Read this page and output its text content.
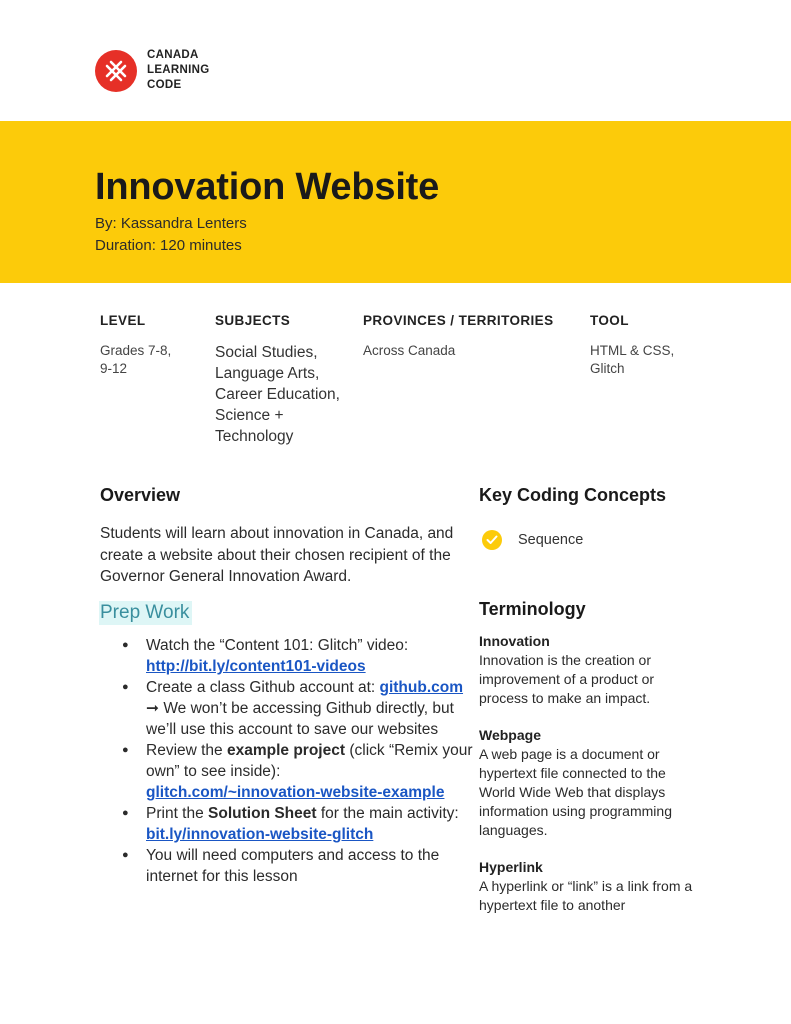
CANADA
LEARNING
CODE
Innovation Website
By: Kassandra Lenters
Duration: 120 minutes
LEVEL
Grades 7-8,
9-12
SUBJECTS
Social Studies,
Language Arts,
Career Education,
Science +
Technology
PROVINCES / TERRITORIES
Across Canada
TOOL
HTML & CSS,
Glitch
Overview
Students will learn about innovation in Canada, and create a website about their chosen recipient of the Governor General Innovation Award.
Prep Work
● Watch the “Content 101: Glitch” video: http://bit.ly/content101-videos
● Create a class Github account at: github.com ➞ We won’t be accessing Github directly, but we’ll use this account to save our websites
● Review the example project (click “Remix your own” to see inside): glitch.com/~innovation-website-example
● Print the Solution Sheet for the main activity: bit.ly/innovation-website-glitch
● You will need computers and access to the internet for this lesson
Key Coding Concepts
Sequence
Terminology
Innovation
Innovation is the creation or improvement of a product or process to make an impact.
Webpage
A web page is a document or hypertext file connected to the World Wide Web that displays information using programming languages.
Hyperlink
A hyperlink or “link” is a link from a hypertext file to another
